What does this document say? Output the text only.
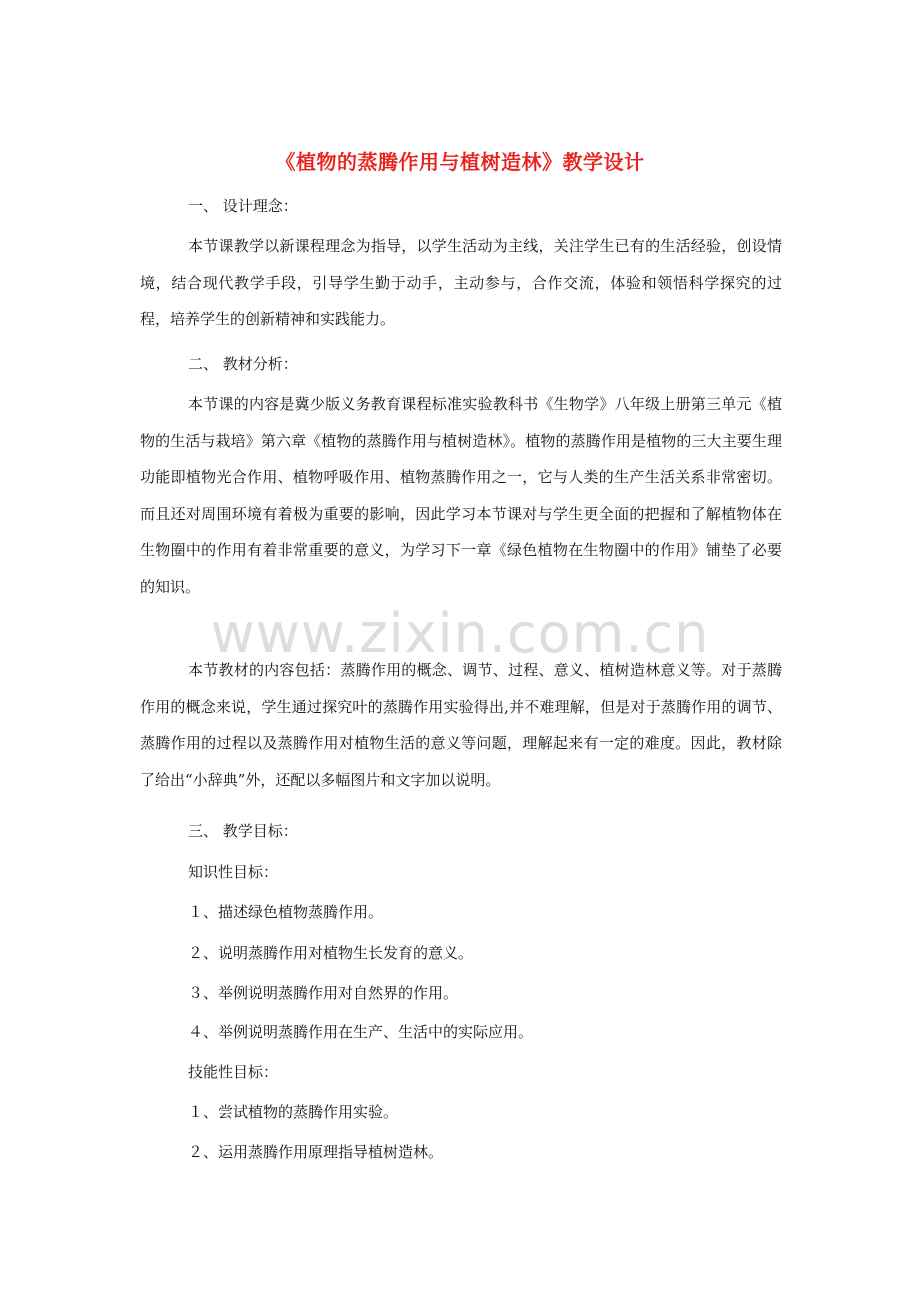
《植物的蒸腾作用与植树造林》教学设计
一、 设计理念：

本节课教学以新课程理念为指导，以学生活动为主线，关注学生已有的生活经验，创设情境，结合现代教学手段，引导学生勤于动手，主动参与，合作交流，体验和领悟科学探究的过程，培养学生的创新精神和实践能力。

二、 教材分析：

本节课的内容是冀少版义务教育课程标准实验教科书《生物学》八年级上册第三单元《植物的生活与栽培》第六章《植物的蒸腾作用与植树造林》。植物的蒸腾作用是植物的三大主要生理功能即植物光合作用、植物呼吸作用、植物蒸腾作用之一，它与人类的生产生活关系非常密切。而且还对周围环境有着极为重要的影响，因此学习本节课对与学生更全面的把握和了解植物体在生物圈中的作用有着非常重要的意义，为学习下一章《绿色植物在生物圈中的作用》铺垫了必要的知识。

www.zixin.com.cn

本节教材的内容包括：蒸腾作用的概念、调节、过程、意义、植树造林意义等。对于蒸腾作用的概念来说，学生通过探究叶的蒸腾作用实验得出,并不难理解，但是对于蒸腾作用的调节、蒸腾作用的过程以及蒸腾作用对植物生活的意义等问题，理解起来有一定的难度。因此，教材除了给出“小辞典”外，还配以多幅图片和文字加以说明。

三、 教学目标：
知识性目标：
１、描述绿色植物蒸腾作用。
２、说明蒸腾作用对植物生长发育的意义。
３、举例说明蒸腾作用对自然界的作用。
４、举例说明蒸腾作用在生产、生活中的实际应用。
技能性目标：
１、尝试植物的蒸腾作用实验。
２、运用蒸腾作用原理指导植树造林。
